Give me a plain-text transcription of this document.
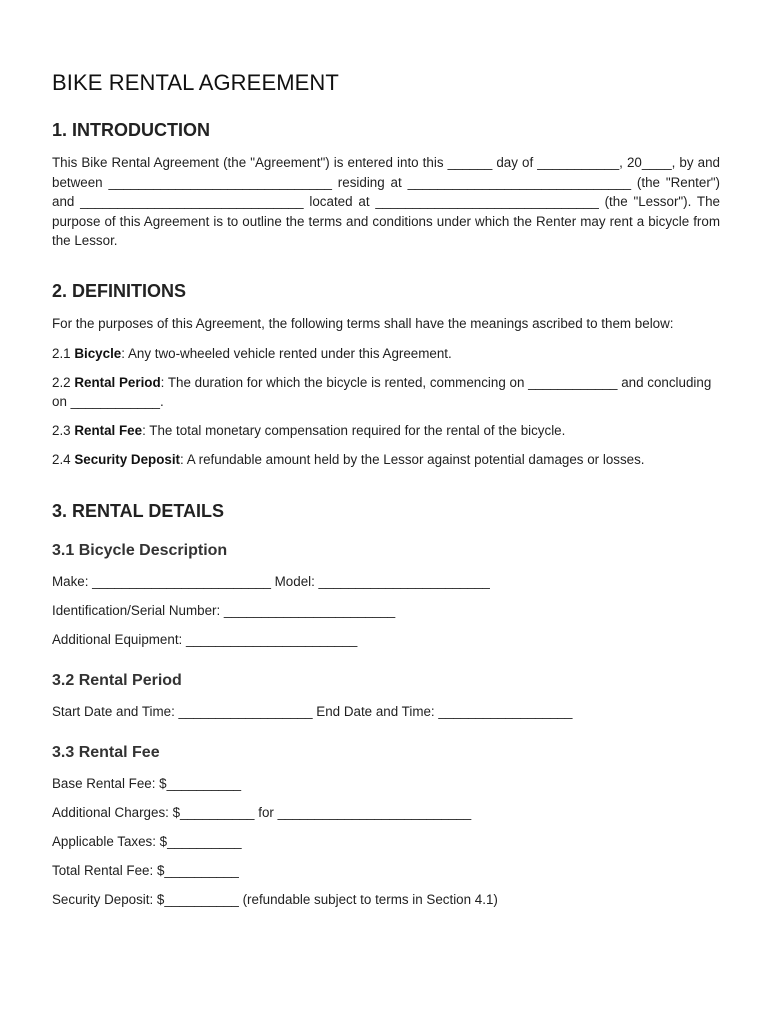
BIKE RENTAL AGREEMENT
1. INTRODUCTION

This Bike Rental Agreement (the "Agreement") is entered into this ______ day of ___________, 20____, by and between ______________________________ residing at ______________________________ (the "Renter") and ______________________________ located at ______________________________ (the "Lessor"). The purpose of this Agreement is to outline the terms and conditions under which the Renter may rent a bicycle from the Lessor.

2. DEFINITIONS

For the purposes of this Agreement, the following terms shall have the meanings ascribed to them below:

2.1 Bicycle: Any two-wheeled vehicle rented under this Agreement.

2.2 Rental Period: The duration for which the bicycle is rented, commencing on ____________ and concluding on ____________.

2.3 Rental Fee: The total monetary compensation required for the rental of the bicycle.

2.4 Security Deposit: A refundable amount held by the Lessor against potential damages or losses.

3. RENTAL DETAILS
3.1 Bicycle Description

Make: ________________________ Model: _______________________

Identification/Serial Number: _______________________

Additional Equipment: _______________________

3.2 Rental Period

Start Date and Time: __________________ End Date and Time: __________________

3.3 Rental Fee

Base Rental Fee: $__________

Additional Charges: $__________ for __________________________

Applicable Taxes: $__________

Total Rental Fee: $__________

Security Deposit: $__________ (refundable subject to terms in Section 4.1)
